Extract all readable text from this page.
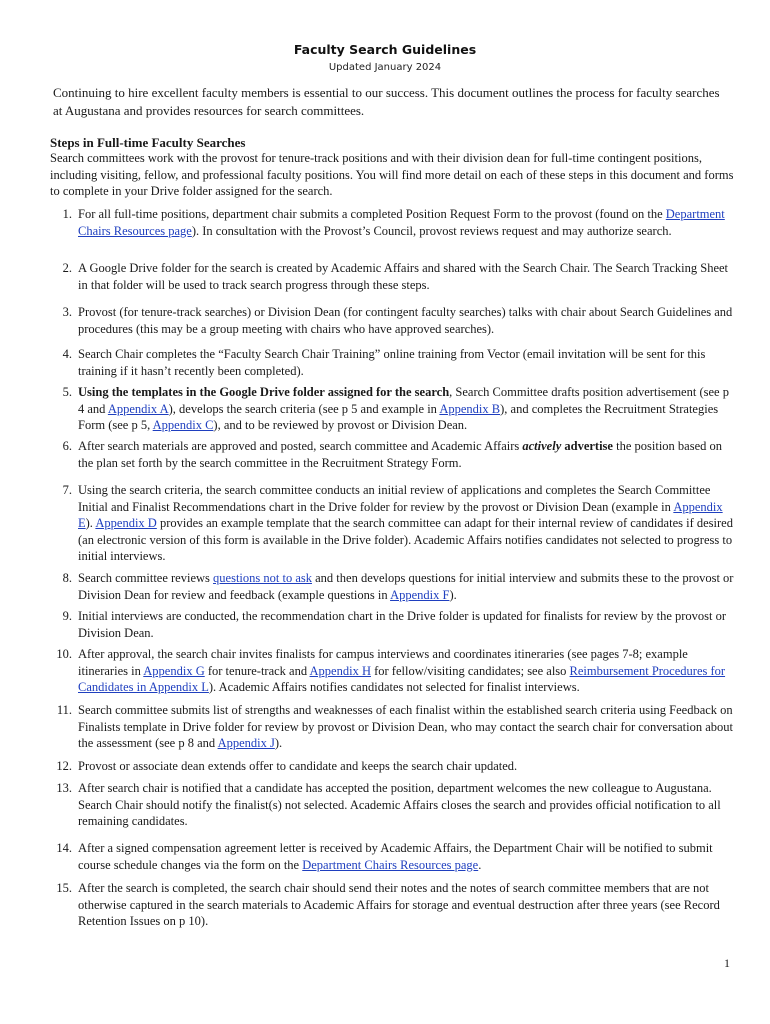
Faculty Search Guidelines
Updated January 2024
Continuing to hire excellent faculty members is essential to our success. This document outlines the process for faculty searches at Augustana and provides resources for search committees.
Steps in Full-time Faculty Searches
Search committees work with the provost for tenure-track positions and with their division dean for full-time contingent positions, including visiting, fellow, and professional faculty positions. You will find more detail on each of these steps in this document and forms to complete in your Drive folder assigned for the search.
1. For all full-time positions, department chair submits a completed Position Request Form to the provost (found on the Department Chairs Resources page). In consultation with the Provost’s Council, provost reviews request and may authorize search.
2. A Google Drive folder for the search is created by Academic Affairs and shared with the Search Chair. The Search Tracking Sheet in that folder will be used to track search progress through these steps.
3. Provost (for tenure-track searches) or Division Dean (for contingent faculty searches) talks with chair about Search Guidelines and procedures (this may be a group meeting with chairs who have approved searches).
4. Search Chair completes the “Faculty Search Chair Training” online training from Vector (email invitation will be sent for this training if it hasn’t recently been completed).
5. Using the templates in the Google Drive folder assigned for the search, Search Committee drafts position advertisement (see p 4 and Appendix A), develops the search criteria (see p 5 and example in Appendix B), and completes the Recruitment Strategies Form (see p 5, Appendix C), and to be reviewed by provost or Division Dean.
6. After search materials are approved and posted, search committee and Academic Affairs actively advertise the position based on the plan set forth by the search committee in the Recruitment Strategy Form.
7. Using the search criteria, the search committee conducts an initial review of applications and completes the Search Committee Initial and Finalist Recommendations chart in the Drive folder for review by the provost or Division Dean (example in Appendix E). Appendix D provides an example template that the search committee can adapt for their internal review of candidates if desired (an electronic version of this form is available in the Drive folder). Academic Affairs notifies candidates not selected to progress to initial interviews.
8. Search committee reviews questions not to ask and then develops questions for initial interview and submits these to the provost or Division Dean for review and feedback (example questions in Appendix F).
9. Initial interviews are conducted, the recommendation chart in the Drive folder is updated for finalists for review by the provost or Division Dean.
10. After approval, the search chair invites finalists for campus interviews and coordinates itineraries (see pages 7-8; example itineraries in Appendix G for tenure-track and Appendix H for fellow/visiting candidates; see also Reimbursement Procedures for Candidates in Appendix L). Academic Affairs notifies candidates not selected for finalist interviews.
11. Search committee submits list of strengths and weaknesses of each finalist within the established search criteria using Feedback on Finalists template in Drive folder for review by provost or Division Dean, who may contact the search chair for conversation about the assessment (see p 8 and Appendix J).
12. Provost or associate dean extends offer to candidate and keeps the search chair updated.
13. After search chair is notified that a candidate has accepted the position, department welcomes the new colleague to Augustana. Search Chair should notify the finalist(s) not selected. Academic Affairs closes the search and provides official notification to all remaining candidates.
14. After a signed compensation agreement letter is received by Academic Affairs, the Department Chair will be notified to submit course schedule changes via the form on the Department Chairs Resources page.
15. After the search is completed, the search chair should send their notes and the notes of search committee members that are not otherwise captured in the search materials to Academic Affairs for storage and eventual destruction after three years (see Record Retention Issues on p 10).
1
